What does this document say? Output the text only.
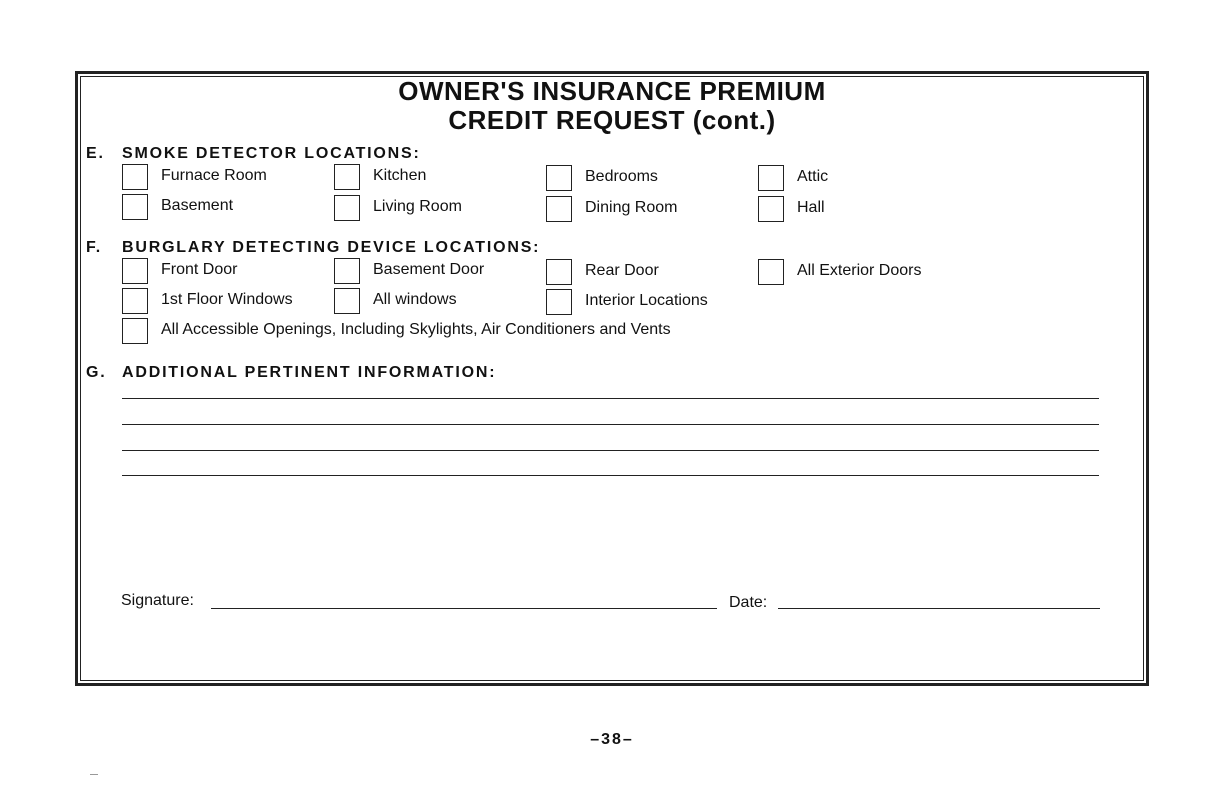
OWNER'S INSURANCE PREMIUM
CREDIT REQUEST (cont.)
E. SMOKE DETECTOR LOCATIONS:
Furnace Room	Kitchen	Bedrooms	Attic
Basement	Living Room	Dining Room	Hall
F. BURGLARY DETECTING DEVICE LOCATIONS:
Front Door	Basement Door	Rear Door	All Exterior Doors
1st Floor Windows	All windows	Interior Locations
All Accessible Openings, Including Skylights, Air Conditioners and Vents
G. ADDITIONAL PERTINENT INFORMATION:
Signature:	Date:
–38–
